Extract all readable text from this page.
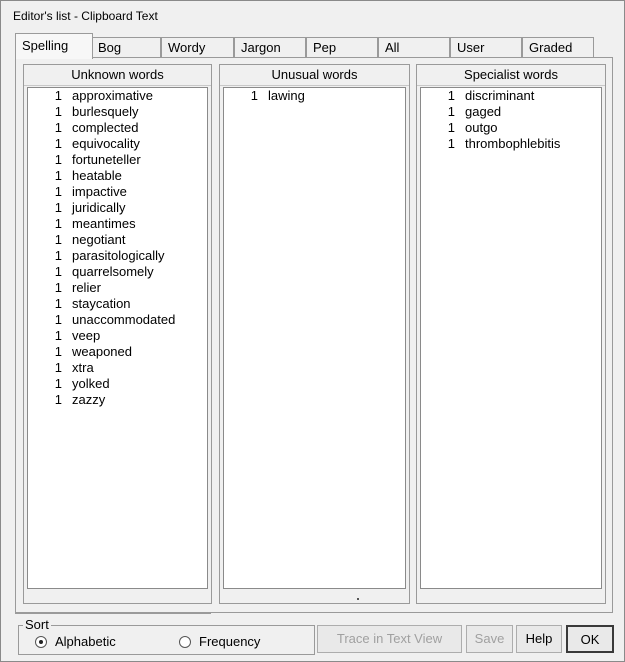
Editor's list - Clipboard Text
Spelling Bog	Wordy	Jargon Pep	All	User	Graded
Unknown words
1 approximative
1 burlesquely
1 complected
1 equivocality
1 fortuneteller
1 heatable
1 impactive
1 juridically
1 meantimes
1 negotiant
1 parasitologically
1 quarrelsomely
1 relier
1 staycation
1 unaccommodated
1 veep
1 weaponed
1 xtra
1 yolked
1 zazzy
Unusual words
1 lawing
Specialist words
1 discriminant
1 gaged
1 outgo
1 thrombophlebitis
Sort
Alphabetic	Frequency	Trace in Text View	Save	Help	OK
